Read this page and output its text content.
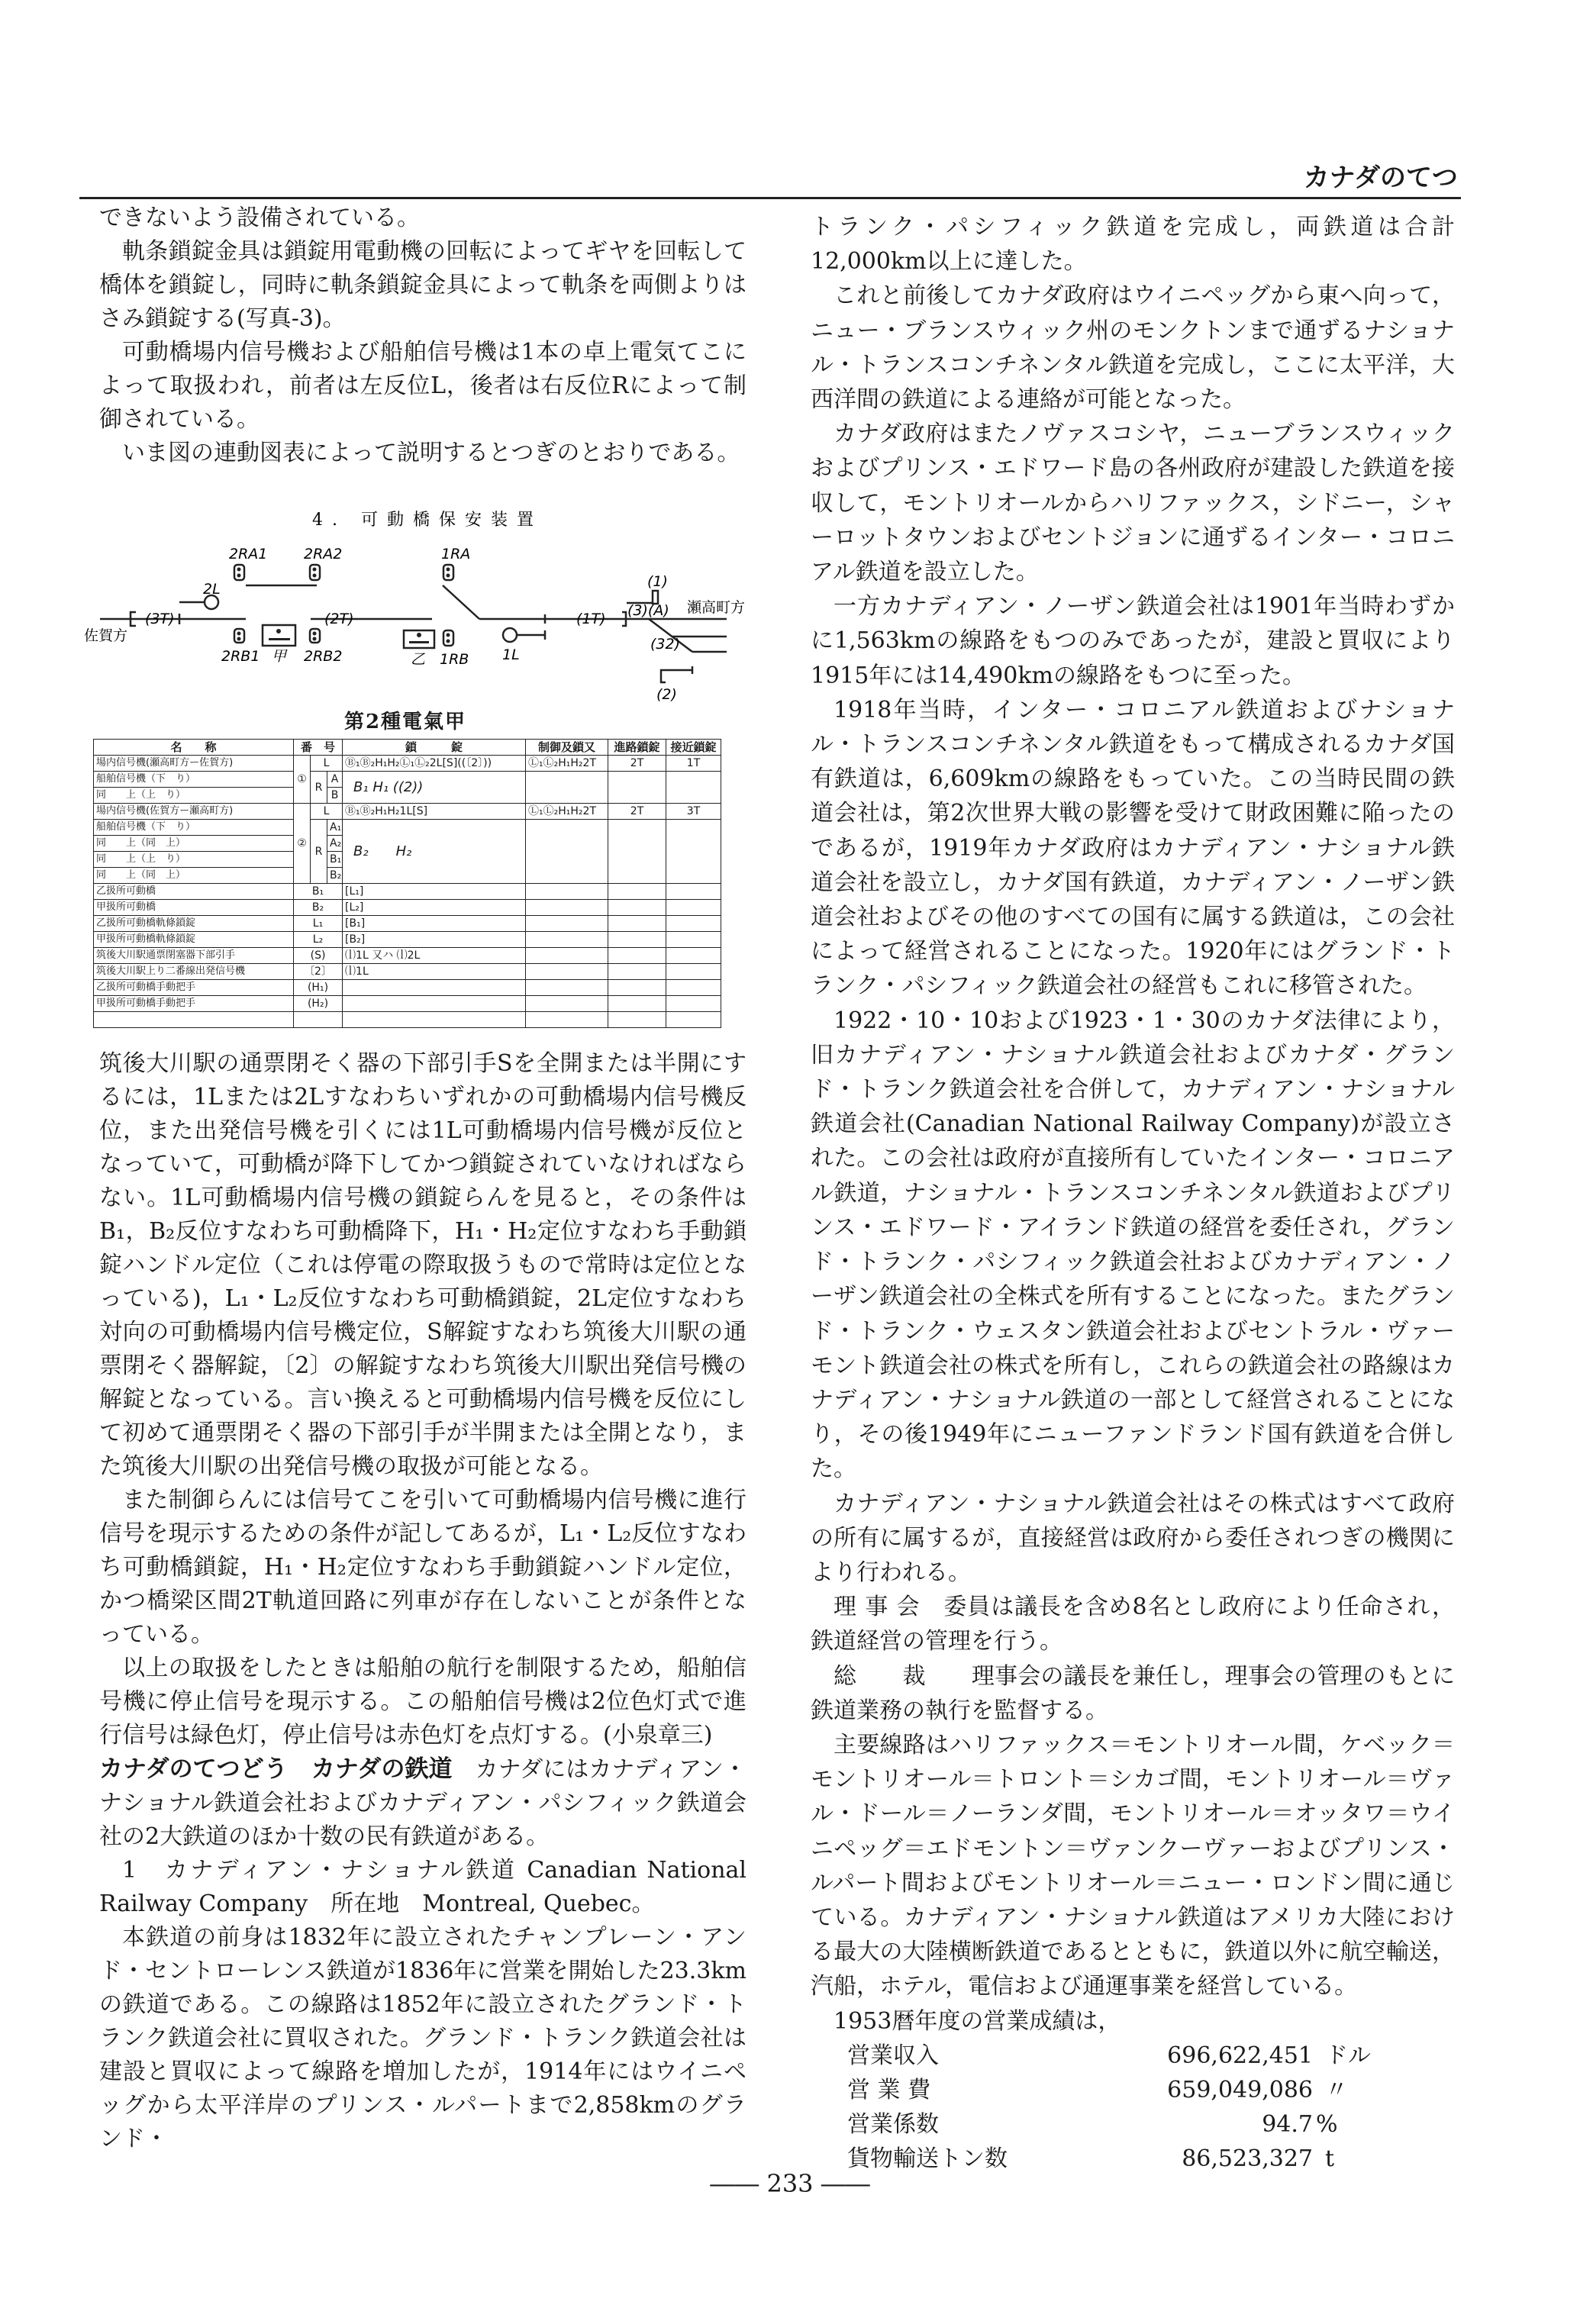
カナダのてつ

できないよう設備されている。

軌条鎖錠金具は鎖錠用電動機の回転によってギヤを回転して橋体を鎖錠し，同時に軌条鎖錠金具によって軌条を両側よりはさみ鎖錠する(写真-3)。

可動橋場内信号機および船舶信号機は1本の卓上電気てこによって取扱われ，前者は左反位L，後者は右反位Rによって制御されている。

いま図の連動図表によって説明するとつぎのとおりである。

4. 可動橋保安装置
2RA1	2RA2	1RA
2L
1L
2RB1 甲 2RB2	乙 1RB
(3T)	(2T)	(1T)
佐賀方
瀬高町方
(1)
(3)(A)
(32)
(2)
第2種電氣甲
名　　称	番　号			鎖　　　錠	制御及鎖又	進路鎖錠	接近鎖錠
場内信号機(瀬高町方ー佐賀方)	①	L		Ⓑ₁Ⓑ₂H₁H₂Ⓛ₁Ⓛ₂2L[S]((〔2〕))	Ⓛ₁Ⓛ₂H₁H₂2T	2T	1T
船舶信号機（下　り）		R	A	B₁ H₁ ((2))			
同　　上（上　り）			B				
場内信号機(佐賀方ー瀬高町方)	②	L		Ⓑ₁Ⓑ₂H₁H₂1L[S]	Ⓛ₁Ⓛ₂H₁H₂2T	2T	3T
船舶信号機（下　り）		R	A₁	B₂　　H₂			
同　　上（同　上）			A₂				
同　　上（上　り）			B₁				
同　　上（同　上）			B₂				
乙扱所可動橋	B₁			[L₁]			
甲扱所可動橋	B₂			[L₂]			
乙扱所可動橋軌條鎖錠	L₁			[B₁]			
甲扱所可動橋軌條鎖錠	L₂			[B₂]			
筑後大川駅通票閉塞器下部引手	(S)			⒧1L 又ハ ⒧2L			
筑後大川駅上り二番線出発信号機	〔2〕			⒧1L			
乙扱所可動橋手動把手	(H₁)						
甲扱所可動橋手動把手	(H₂)						

筑後大川駅の通票閉そく器の下部引手Sを全開または半開にするには，1Lまたは2Lすなわちいずれかの可動橋場内信号機反位，また出発信号機を引くには1L可動橋場内信号機が反位となっていて，可動橋が降下してかつ鎖錠されていなければならない。1L可動橋場内信号機の鎖錠らんを見ると，その条件はB₁，B₂反位すなわち可動橋降下，H₁・H₂定位すなわち手動鎖錠ハンドル定位（これは停電の際取扱うもので常時は定位となっている)，L₁・L₂反位すなわち可動橋鎖錠，2L定位すなわち対向の可動橋場内信号機定位，S解錠すなわち筑後大川駅の通票閉そく器解錠，〔2〕の解錠すなわち筑後大川駅出発信号機の解錠となっている。言い換えると可動橋場内信号機を反位にして初めて通票閉そく器の下部引手が半開または全開となり，また筑後大川駅の出発信号機の取扱が可能となる。

また制御らんには信号てこを引いて可動橋場内信号機に進行信号を現示するための条件が記してあるが，L₁・L₂反位すなわち可動橋鎖錠，H₁・H₂定位すなわち手動鎖錠ハンドル定位，かつ橋梁区間2T軌道回路に列車が存在しないことが条件となっている。

以上の取扱をしたときは船舶の航行を制限するため，船舶信号機に停止信号を現示する。この船舶信号機は2位色灯式で進行信号は緑色灯，停止信号は赤色灯を点灯する。(小泉章三)

カナダのてつどう　カナダの鉄道　カナダにはカナディアン・ナショナル鉄道会社およびカナディアン・パシフィック鉄道会社の2大鉄道のほか十数の民有鉄道がある。

1　カナディアン・ナショナル鉄道 Canadian National Railway Company　所在地　Montreal, Quebec。

本鉄道の前身は1832年に設立されたチャンプレーン・アンド・セントローレンス鉄道が1836年に営業を開始した23.3kmの鉄道である。この線路は1852年に設立されたグランド・トランク鉄道会社に買収された。グランド・トランク鉄道会社は建設と買収によって線路を増加したが，1914年にはウイニペッグから太平洋岸のプリンス・ルパートまで2,858kmのグランド・

トランク・パシフィック鉄道を完成し，両鉄道は合計12,000km以上に達した。

これと前後してカナダ政府はウイニペッグから東へ向って，ニュー・ブランスウィック州のモンクトンまで通ずるナショナル・トランスコンチネンタル鉄道を完成し，ここに太平洋，大西洋間の鉄道による連絡が可能となった。

カナダ政府はまたノヴァスコシヤ，ニューブランスウィックおよびプリンス・エドワード島の各州政府が建設した鉄道を接収して，モントリオールからハリファックス，シドニー，シャーロットタウンおよびセントジョンに通ずるインター・コロニアル鉄道を設立した。

一方カナディアン・ノーザン鉄道会社は1901年当時わずかに1,563kmの線路をもつのみであったが，建設と買収により1915年には14,490kmの線路をもつに至った。

1918年当時，インター・コロニアル鉄道およびナショナル・トランスコンチネンタル鉄道をもって構成されるカナダ国有鉄道は，6,609kmの線路をもっていた。この当時民間の鉄道会社は，第2次世界大戦の影響を受けて財政困難に陥ったのであるが，1919年カナダ政府はカナディアン・ナショナル鉄道会社を設立し，カナダ国有鉄道，カナディアン・ノーザン鉄道会社およびその他のすべての国有に属する鉄道は，この会社によって経営されることになった。1920年にはグランド・トランク・パシフィック鉄道会社の経営もこれに移管された。

1922・10・10および1923・1・30のカナダ法律により，旧カナディアン・ナショナル鉄道会社およびカナダ・グランド・トランク鉄道会社を合併して，カナディアン・ナショナル鉄道会社(Canadian National Railway Company)が設立された。この会社は政府が直接所有していたインター・コロニアル鉄道，ナショナル・トランスコンチネンタル鉄道およびプリンス・エドワード・アイランド鉄道の経営を委任され，グランド・トランク・パシフィック鉄道会社およびカナディアン・ノーザン鉄道会社の全株式を所有することになった。またグランド・トランク・ウェスタン鉄道会社およびセントラル・ヴァーモント鉄道会社の株式を所有し，これらの鉄道会社の路線はカナディアン・ナショナル鉄道の一部として経営されることになり，その後1949年にニューファンドランド国有鉄道を合併した。

カナディアン・ナショナル鉄道会社はその株式はすべて政府の所有に属するが，直接経営は政府から委任されつぎの機関により行われる。

理 事 会　委員は議長を含め8名とし政府により任命され，鉄道経営の管理を行う。

総　　裁　　理事会の議長を兼任し，理事会の管理のもとに鉄道業務の執行を監督する。

主要線路はハリファックス＝モントリオール間，ケベック＝モントリオール＝トロント＝シカゴ間，モントリオール＝ヴァル・ドール＝ノーランダ間，モントリオール＝オッタワ＝ウイニペッグ＝エドモントン＝ヴァンクーヴァーおよびプリンス・ルパート間およびモントリオール＝ニュー・ロンドン間に通じている。カナディアン・ナショナル鉄道はアメリカ大陸における最大の大陸横断鉄道であるとともに，鉄道以外に航空輸送，汽船，ホテル，電信および通運事業を経営している。

1953暦年度の営業成績は，

営業収入	696,622,451 ドル
営 業 費	659,049,086 〃
営業係数	94.7 %
貨物輸送トン数	86,523,327 t
―― 233 ――
